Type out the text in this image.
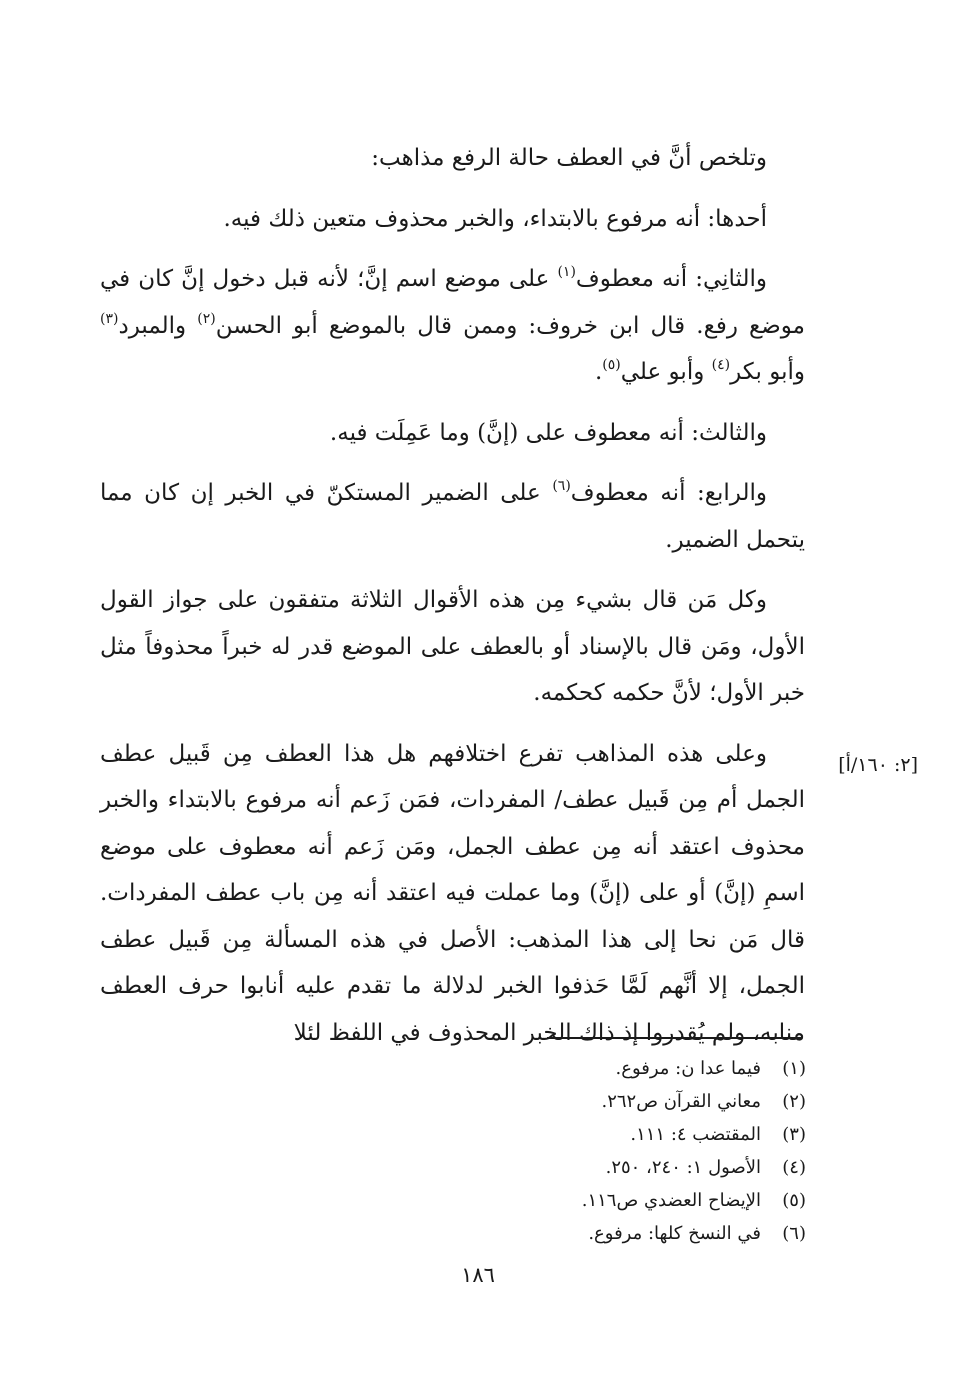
وتلخص أنَّ في العطف حالة الرفع مذاهب:

أحدها: أنه مرفوع بالابتداء، والخبر محذوف متعين ذلك فيه.

والثانِي: أنه معطوف$^{(١)}$ على موضع اسم إنَّ؛ لأنه قبل دخول إنَّ كان في موضع رفع. قال ابن خروف: وممن قال بالموضع أبو الحسن$^{(٢)}$ والمبرد$^{(٣)}$ وأبو بكر$^{(٤)}$ وأبو علي$^{(٥)}$.

والثالث: أنه معطوف على (إنَّ) وما عَمِلَت فيه.

والرابع: أنه معطوف$^{(٦)}$ على الضمير المستكنّ في الخبر إن كان مما يتحمل الضمير.

وكل مَن قال بشيء مِن هذه الأقوال الثلاثة متفقون على جواز القول الأول، ومَن قال بالإسناد أو بالعطف على الموضع قدر له خبراً محذوفاً مثل خبر الأول؛ لأنَّ حكمه كحكمه.

وعلى هذه المذاهب تفرع اختلافهم هل هذا العطف مِن قَبيل عطف الجمل أم مِن قَبيل عطف/ المفردات، فمَن زَعم أنه مرفوع بالابتداء والخبر محذوف اعتقد أنه مِن عطف الجمل، ومَن زَعم أنه معطوف على موضع اسمِ (إنَّ) أو على (إنَّ) وما عملت فيه اعتقد أنه مِن باب عطف المفردات. قال مَن نحا إلى هذا المذهب: الأصل في هذه المسألة مِن قَبيل عطف الجمل، إلا أنَّهم لَمَّا حَذفوا الخبر لدلالة ما تقدم عليه أنابوا حرف العطف منابه، ولم يُقدروا إذ ذاك الخبر المحذوف في اللفظ لئلا

[٢: ١٦٠/أ]
(١)
فيما عدا ن: مرفوع.
(٢)
معاني القرآن ص٢٦٢.
(٣)
المقتضب ٤: ١١١.
(٤)
الأصول ١: ٢٤٠، ٢٥٠.
(٥)
الإيضاح العضدي ص١١٦.
(٦)
في النسخ كلها: مرفوع.
١٨٦
